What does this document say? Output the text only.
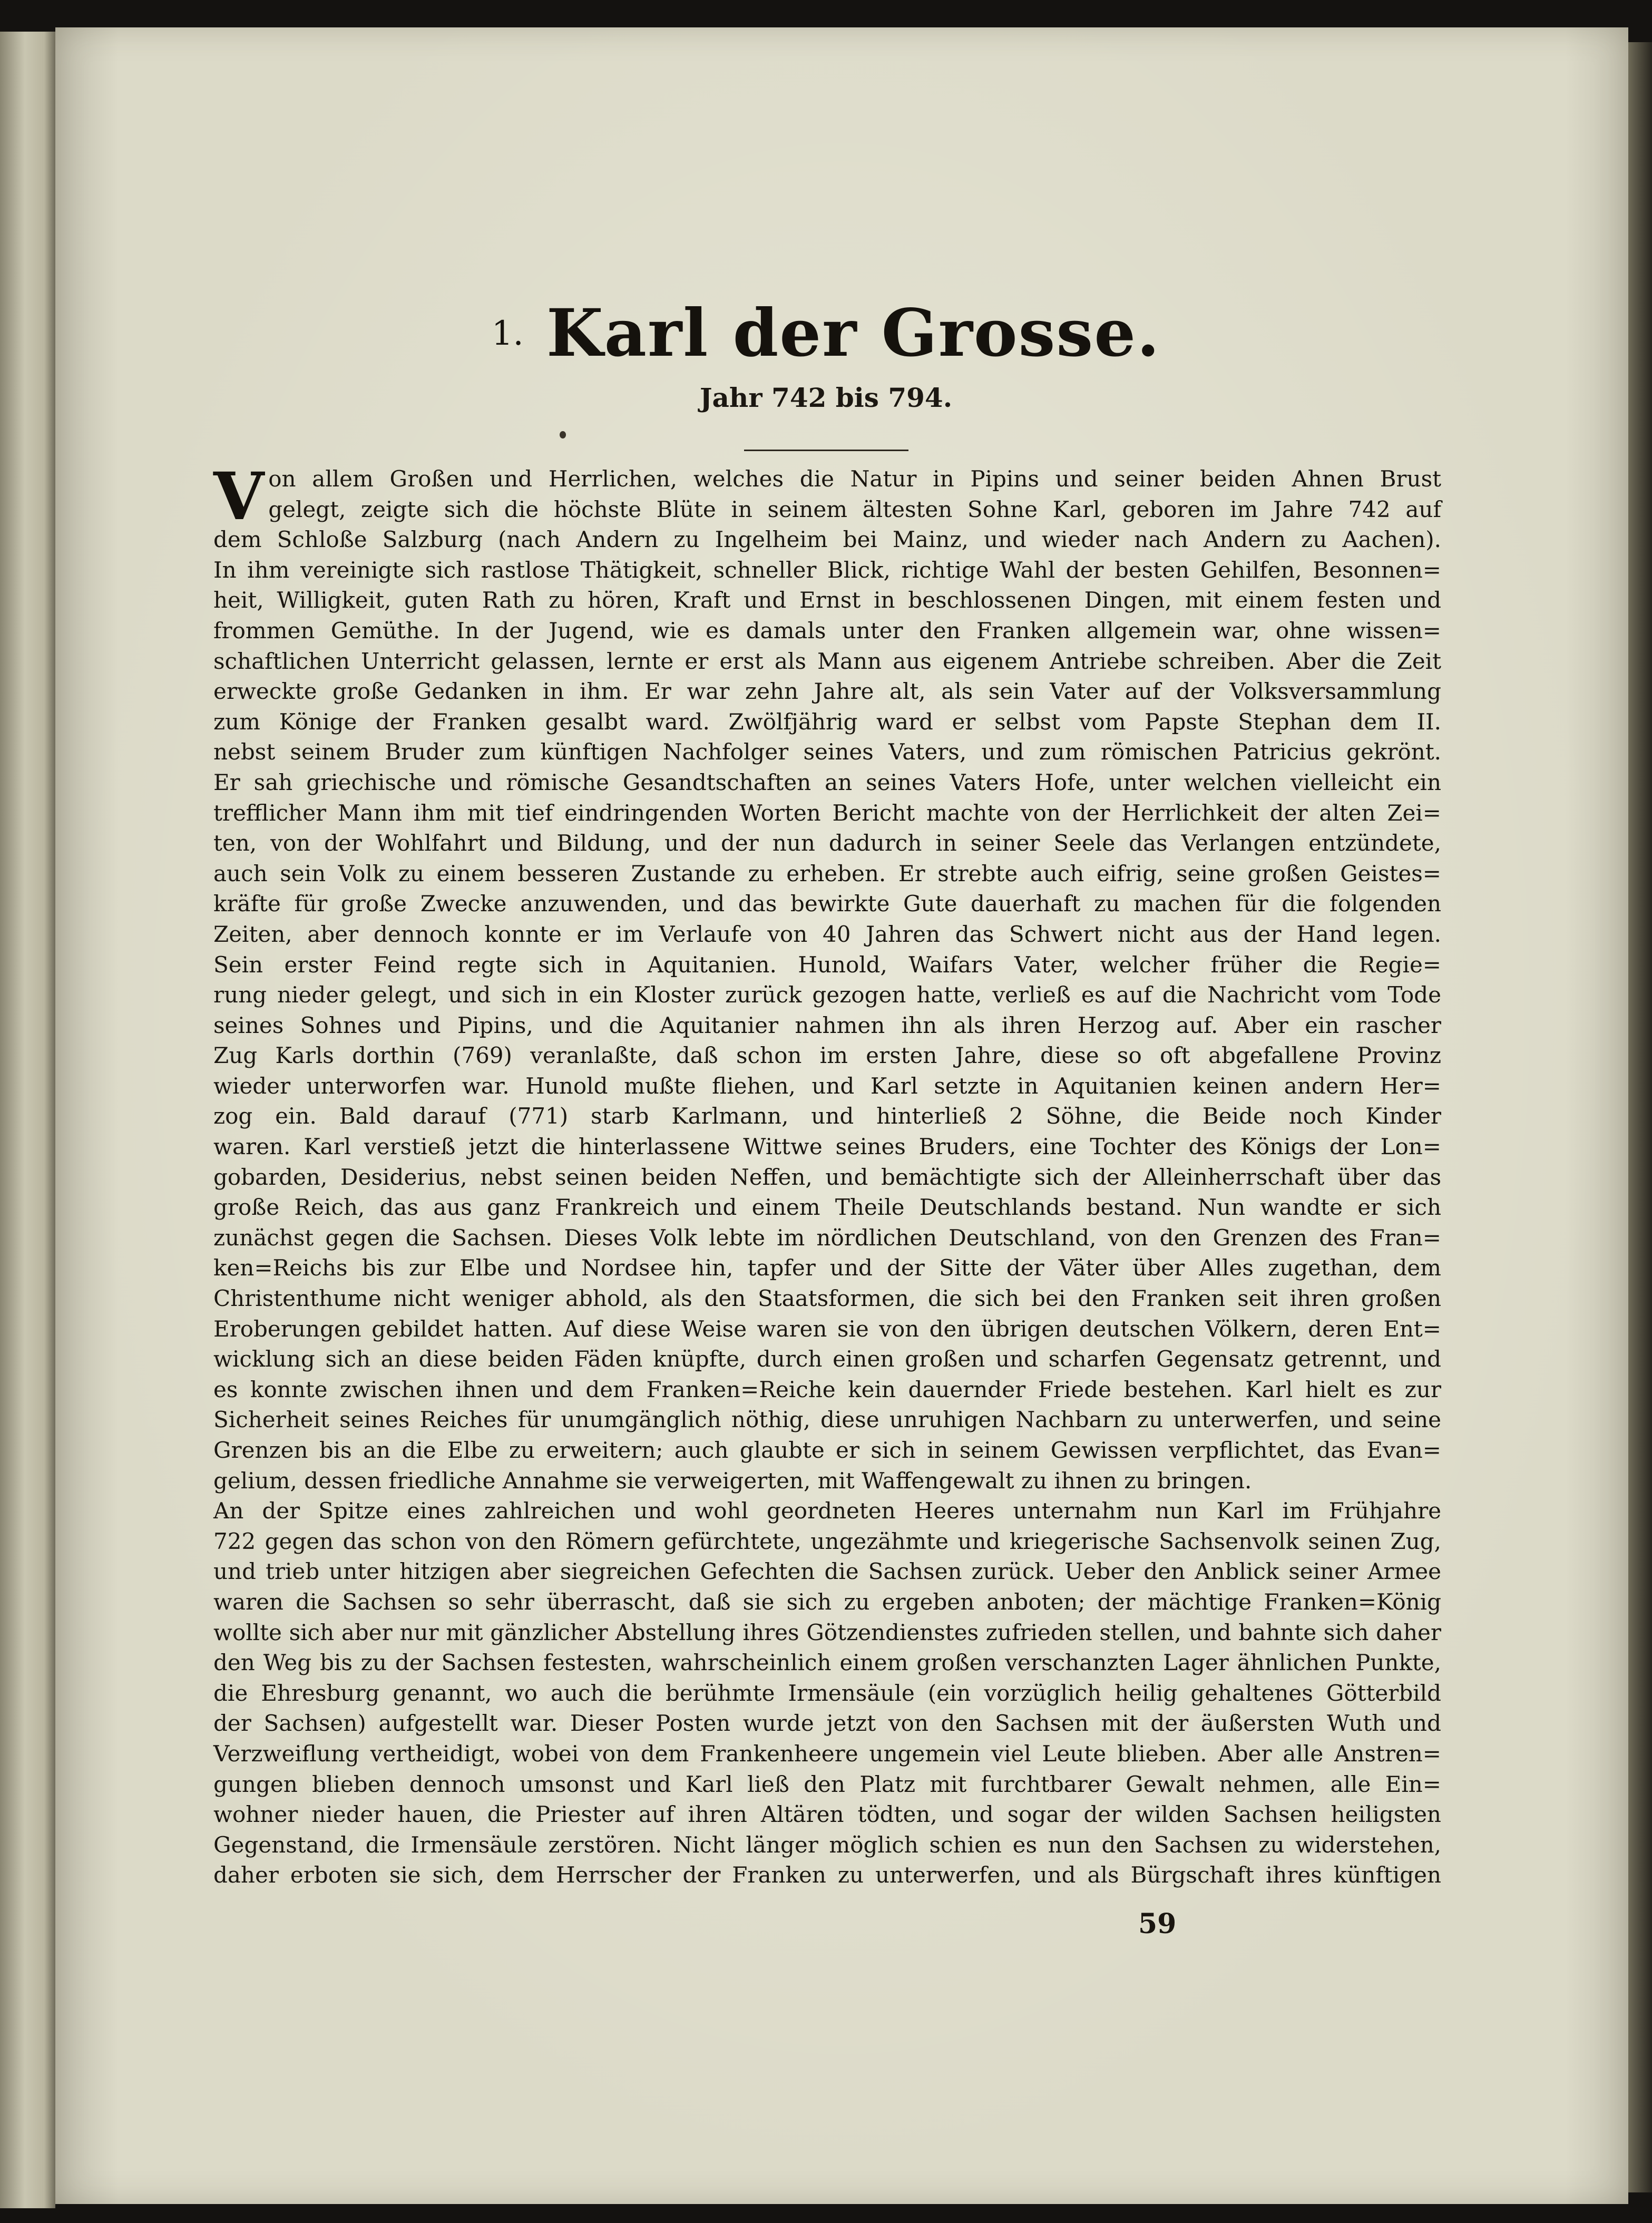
1. Karl der Grosse.
Jahr 742 bis 794.
V on allem Großen und Herrlichen, welches die Natur in Pipins und seiner beiden Ahnen Brust

gelegt, zeigte sich die höchste Blüte in seinem ältesten Sohne Karl, geboren im Jahre 742 auf

dem Schloße Salzburg (nach Andern zu Ingelheim bei Mainz, und wieder nach Andern zu Aachen).

In ihm vereinigte sich rastlose Thätigkeit, schneller Blick, richtige Wahl der besten Gehilfen, Besonnen=

heit, Willigkeit, guten Rath zu hören, Kraft und Ernst in beschlossenen Dingen, mit einem festen und

frommen Gemüthe. In der Jugend, wie es damals unter den Franken allgemein war, ohne wissen=

schaftlichen Unterricht gelassen, lernte er erst als Mann aus eigenem Antriebe schreiben. Aber die Zeit

erweckte große Gedanken in ihm. Er war zehn Jahre alt, als sein Vater auf der Volksversammlung

zum Könige der Franken gesalbt ward. Zwölfjährig ward er selbst vom Papste Stephan dem II.

nebst seinem Bruder zum künftigen Nachfolger seines Vaters, und zum römischen Patricius gekrönt.

Er sah griechische und römische Gesandtschaften an seines Vaters Hofe, unter welchen vielleicht ein

trefflicher Mann ihm mit tief eindringenden Worten Bericht machte von der Herrlichkeit der alten Zei=

ten, von der Wohlfahrt und Bildung, und der nun dadurch in seiner Seele das Verlangen entzündete,

auch sein Volk zu einem besseren Zustande zu erheben. Er strebte auch eifrig, seine großen Geistes=

kräfte für große Zwecke anzuwenden, und das bewirkte Gute dauerhaft zu machen für die folgenden

Zeiten, aber dennoch konnte er im Verlaufe von 40 Jahren das Schwert nicht aus der Hand legen.

Sein erster Feind regte sich in Aquitanien. Hunold, Waifars Vater, welcher früher die Regie=

rung nieder gelegt, und sich in ein Kloster zurück gezogen hatte, verließ es auf die Nachricht vom Tode

seines Sohnes und Pipins, und die Aquitanier nahmen ihn als ihren Herzog auf. Aber ein rascher

Zug Karls dorthin (769) veranlaßte, daß schon im ersten Jahre, diese so oft abgefallene Provinz

wieder unterworfen war. Hunold mußte fliehen, und Karl setzte in Aquitanien keinen andern Her=

zog ein. Bald darauf (771) starb Karlmann, und hinterließ 2 Söhne, die Beide noch Kinder

waren. Karl verstieß jetzt die hinterlassene Wittwe seines Bruders, eine Tochter des Königs der Lon=

gobarden, Desiderius, nebst seinen beiden Neffen, und bemächtigte sich der Alleinherrschaft über das

große Reich, das aus ganz Frankreich und einem Theile Deutschlands bestand. Nun wandte er sich

zunächst gegen die Sachsen. Dieses Volk lebte im nördlichen Deutschland, von den Grenzen des Fran=

ken=Reichs bis zur Elbe und Nordsee hin, tapfer und der Sitte der Väter über Alles zugethan, dem

Christenthume nicht weniger abhold, als den Staatsformen, die sich bei den Franken seit ihren großen

Eroberungen gebildet hatten. Auf diese Weise waren sie von den übrigen deutschen Völkern, deren Ent=

wicklung sich an diese beiden Fäden knüpfte, durch einen großen und scharfen Gegensatz getrennt, und

es konnte zwischen ihnen und dem Franken=Reiche kein dauernder Friede bestehen. Karl hielt es zur

Sicherheit seines Reiches für unumgänglich nöthig, diese unruhigen Nachbarn zu unterwerfen, und seine

Grenzen bis an die Elbe zu erweitern; auch glaubte er sich in seinem Gewissen verpflichtet, das Evan=

gelium, dessen friedliche Annahme sie verweigerten, mit Waffengewalt zu ihnen zu bringen.

An der Spitze eines zahlreichen und wohl geordneten Heeres unternahm nun Karl im Frühjahre

722 gegen das schon von den Römern gefürchtete, ungezähmte und kriegerische Sachsenvolk seinen Zug,

und trieb unter hitzigen aber siegreichen Gefechten die Sachsen zurück. Ueber den Anblick seiner Armee

waren die Sachsen so sehr überrascht, daß sie sich zu ergeben anboten; der mächtige Franken=König

wollte sich aber nur mit gänzlicher Abstellung ihres Götzendienstes zufrieden stellen, und bahnte sich daher

den Weg bis zu der Sachsen festesten, wahrscheinlich einem großen verschanzten Lager ähnlichen Punkte,

die Ehresburg genannt, wo auch die berühmte Irmensäule (ein vorzüglich heilig gehaltenes Götterbild

der Sachsen) aufgestellt war. Dieser Posten wurde jetzt von den Sachsen mit der äußersten Wuth und

Verzweiflung vertheidigt, wobei von dem Frankenheere ungemein viel Leute blieben. Aber alle Anstren=

gungen blieben dennoch umsonst und Karl ließ den Platz mit furchtbarer Gewalt nehmen, alle Ein=

wohner nieder hauen, die Priester auf ihren Altären tödten, und sogar der wilden Sachsen heiligsten

Gegenstand, die Irmensäule zerstören. Nicht länger möglich schien es nun den Sachsen zu widerstehen,

daher erboten sie sich, dem Herrscher der Franken zu unterwerfen, und als Bürgschaft ihres künftigen

59
